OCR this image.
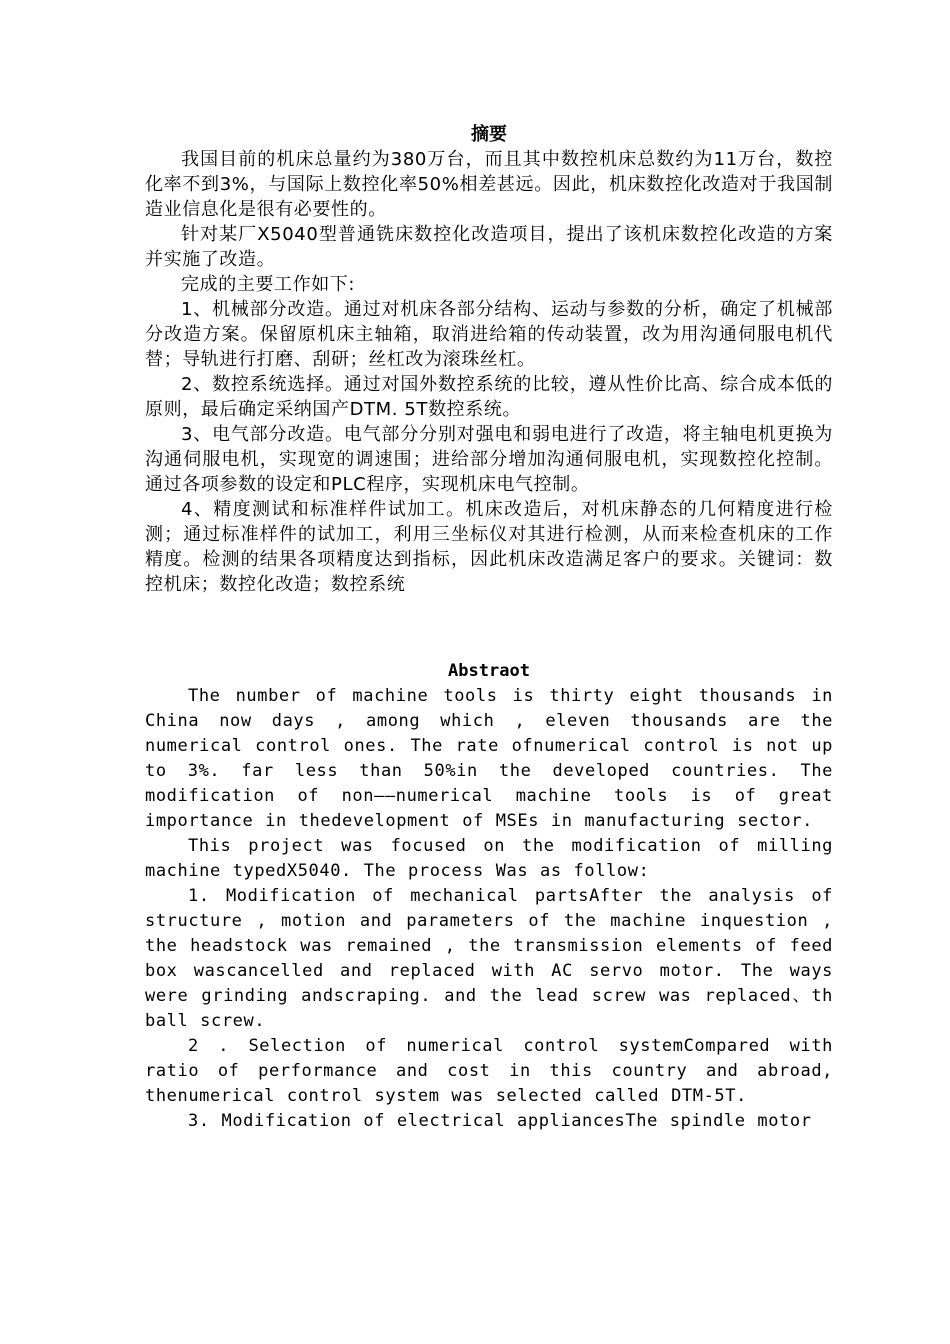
摘要

我国目前的机床总量约为380万台，而且其中数控机床总数约为11万台，数控化率不到3%，与国际上数控化率50%相差甚远。因此，机床数控化改造对于我国制造业信息化是很有必要性的。

针对某厂X5040型普通铣床数控化改造项目，提出了该机床数控化改造的方案并实施了改造。

完成的主要工作如下:

1、机械部分改造。通过对机床各部分结构、运动与参数的分析，确定了机械部分改造方案。保留原机床主轴箱，取消进给箱的传动装置，改为用沟通伺服电机代替；导轨进行打磨、刮研；丝杠改为滚珠丝杠。

2、数控系统选择。通过对国外数控系统的比较，遵从性价比高、综合成本低的原则，最后确定采纳国产DTM. 5T数控系统。

3、电气部分改造。电气部分分别对强电和弱电进行了改造，将主轴电机更换为沟通伺服电机，实现宽的调速围；进给部分增加沟通伺服电机，实现数控化控制。通过各项参数的设定和PLC程序，实现机床电气控制。

4、精度测试和标准样件试加工。机床改造后，对机床静态的几何精度进行检测；通过标准样件的试加工，利用三坐标仪对其进行检测，从而来检查机床的工作精度。检测的结果各项精度达到指标，因此机床改造满足客户的要求。关键词：数控机床；数控化改造；数控系统

Abstraot

The number of machine tools is thirty eight thousands in China now days , among which , eleven thousands are the numerical control ones. The rate ofnumerical control is not up to 3%. far less than 50%in the developed countries. The modification of non——numerical machine tools is of great importance in thedevelopment of MSEs in manufacturing sector.

This project was focused on the modification of milling machine typedX5040. The process Was as follow:

1. Modification of mechanical partsAfter the analysis of structure , motion and parameters of the machine inquestion , the headstock was remained , the transmission elements of feed box wascancelled and replaced with AC servo motor. The ways were grinding andscraping. and the lead screw was replaced、th ball screw.

2 . Selection of numerical control systemCompared with ratio of performance and cost in this country and abroad, thenumerical control system was selected called DTM-5T.

3. Modification of electrical appliancesThe spindle motor
